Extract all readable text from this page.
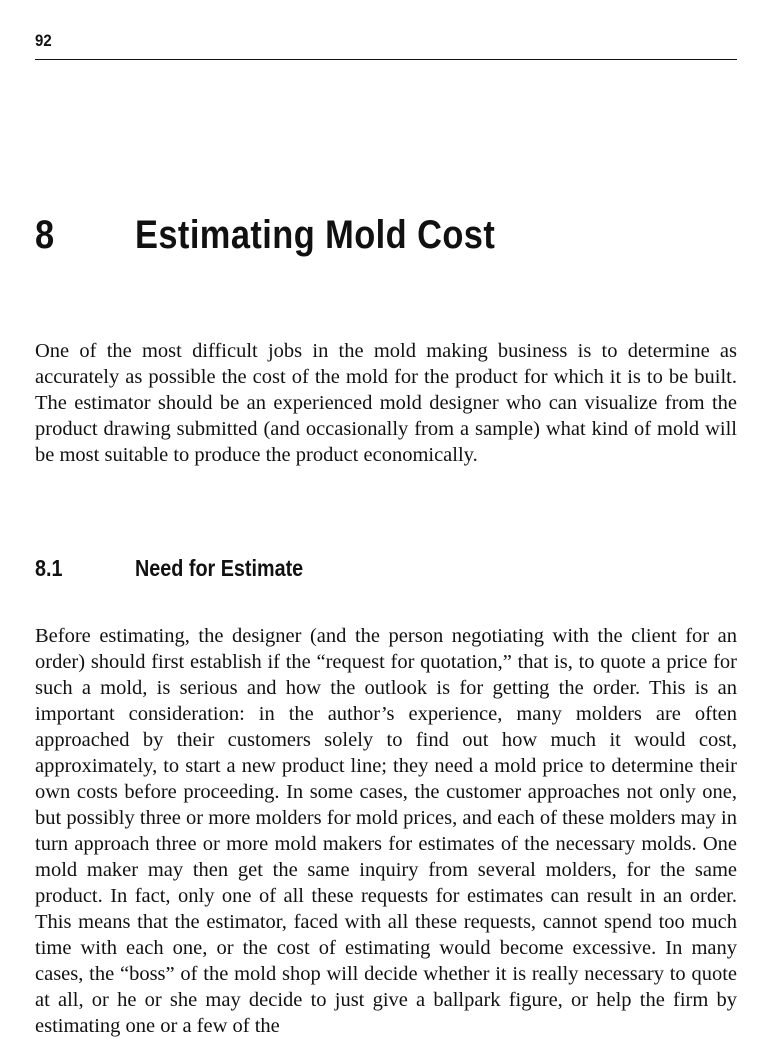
92
8 Estimating Mold Cost

One of the most difficult jobs in the mold making business is to determine as accurately as possible the cost of the mold for the product for which it is to be built. The estimator should be an experienced mold designer who can visualize from the product drawing submitted (and occasionally from a sample) what kind of mold will be most suitable to produce the product economically.

8.1	Need for Estimate

Before estimating, the designer (and the person negotiating with the client for an order) should first establish if the “request for quotation,” that is, to quote a price for such a mold, is serious and how the outlook is for getting the order. This is an important consideration: in the author’s experience, many molders are often approached by their customers solely to find out how much it would cost, approximately, to start a new product line; they need a mold price to determine their own costs before proceeding. In some cases, the customer approaches not only one, but possibly three or more molders for mold prices, and each of these molders may in turn approach three or more mold makers for estimates of the necessary molds. One mold maker may then get the same inquiry from several molders, for the same product. In fact, only one of all these requests for estimates can result in an order. This means that the estimator, faced with all these requests, cannot spend too much time with each one, or the cost of estimating would become excessive. In many cases, the “boss” of the mold shop will decide whether it is really necessary to quote at all, or he or she may decide to just give a ballpark figure, or help the firm by estimating one or a few of the
